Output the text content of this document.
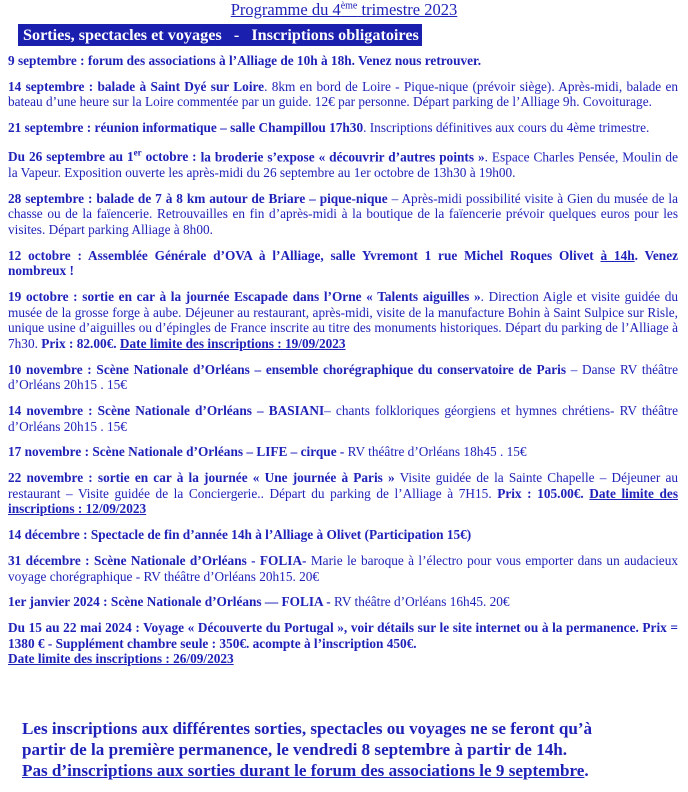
Programme du 4ème trimestre 2023
Sorties, spectacles et voyages   -   Inscriptions obligatoires
9 septembre : forum des associations à l’Alliage de 10h à 18h. Venez nous retrouver.
14 septembre : balade à Saint Dyé sur Loire. 8km en bord de Loire - Pique-nique (prévoir siège). Après-midi, balade en bateau d’une heure sur la Loire commentée par un guide. 12€ par personne. Départ parking de l’Alliage 9h. Covoiturage.
21 septembre : réunion informatique – salle Champillou 17h30. Inscriptions définitives aux cours du 4ème trimestre.
Du 26 septembre au 1er octobre : la broderie s’expose « découvrir d’autres points ». Espace Charles Pensée, Moulin de la Vapeur. Exposition ouverte les après-midi du 26 septembre au 1er octobre de 13h30 à 19h00.
28 septembre : balade de 7 à 8 km autour de Briare – pique-nique – Après-midi possibilité visite à Gien du musée de la chasse ou de la faïencerie. Retrouvailles en fin d’après-midi à la boutique de la faïencerie prévoir quelques euros pour les visites. Départ parking Alliage à 8h00.
12 octobre : Assemblée Générale d’OVA à l’Alliage, salle Yvremont 1 rue Michel Roques Olivet à 14h. Venez nombreux !
19 octobre : sortie en car à la journée Escapade dans l’Orne « Talents aiguilles ». Direction Aigle et visite guidée du musée de la grosse forge à aube. Déjeuner au restaurant, après-midi, visite de la manufacture Bohin à Saint Sulpice sur Risle, unique usine d’aiguilles ou d’épingles de France inscrite au titre des monuments historiques. Départ du parking de l’Alliage à 7h30. Prix : 82.00€. Date limite des inscriptions : 19/09/2023
10 novembre : Scène Nationale d’Orléans – ensemble chorégraphique du conservatoire de Paris – Danse RV théâtre d’Orléans 20h15 . 15€
14 novembre : Scène Nationale d’Orléans – BASIANI– chants folkloriques géorgiens et hymnes chrétiens- RV théâtre d’Orléans 20h15 . 15€
17 novembre : Scène Nationale d’Orléans – LIFE – cirque - RV théâtre d’Orléans 18h45 . 15€
22 novembre : sortie en car à la journée « Une journée à Paris » Visite guidée de la Sainte Chapelle – Déjeuner au restaurant – Visite guidée de la Conciergerie.. Départ du parking de l’Alliage à 7H15. Prix : 105.00€. Date limite des inscriptions : 12/09/2023
14 décembre : Spectacle de fin d’année 14h à l’Alliage à Olivet (Participation 15€)
31 décembre : Scène Nationale d’Orléans - FOLIA- Marie le baroque à l’électro pour vous emporter dans un audacieux voyage chorégraphique - RV théâtre d’Orléans 20h15. 20€
1er janvier 2024 : Scène Nationale d’Orléans — FOLIA - RV théâtre d’Orléans 16h45. 20€
Du 15 au 22 mai 2024 : Voyage « Découverte du Portugal », voir détails sur le site internet ou à la permanence. Prix = 1380 € - Supplément chambre seule : 350€. acompte à l’inscription 450€.
Date limite des inscriptions : 26/09/2023
Les inscriptions aux différentes sorties, spectacles ou voyages ne se feront qu’à
partir de la première permanence, le vendredi 8 septembre à partir de 14h.
Pas d’inscriptions aux sorties durant le forum des associations le 9 septembre.
